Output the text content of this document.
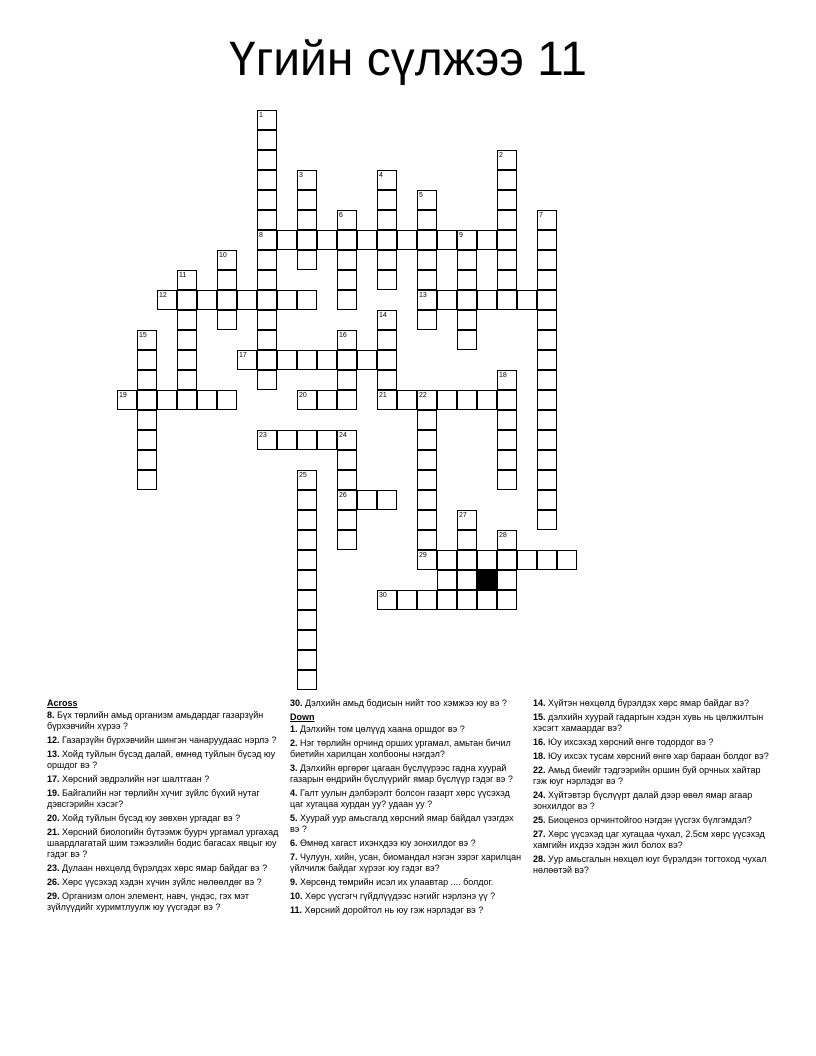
Үгийн сүлжээ 11
8	9
12	13
17
19	20	21	22
23	24
26
29
30
1
2
3	4
5
6	7
10
11
14
15	16
18
25
27
28
Across
8. Бүх төрлийн амьд организм амьдардаг газарзүйн бүрхэвчийн хүрээ ?
12. Газарзүйн бүрхэвчийн шингэн чанаруудаас нэрлэ ?
13. Хойд туйлын бүсэд далай, өмнөд туйлын бүсэд юу оршдог вэ ?
17. Хөрсний эвдрэлийн нэг шалтгаан ?
19. Байгалийн нэг төрлийн хүчиг зүйлс бүхий нутаг дэвсгэрийн хэсэг?
20. Хойд туйлын бүсэд юу зөвхөн ургадаг вэ ?
21. Хөрсний биологийн бүтээмж буурч ургамал ургахад шаардлагатай шим тэжээлийн бодис багасах явцыг юу гэдэг вэ ?
23. Дулаан нөхцөлд бүрэлдэх хөрс ямар байдаг вэ ?
26. Хөрс үүсэхэд хэдэн хүчин зүйлс нөлөөлдөг вэ ?
29. Организм олон элемент, навч, үндэс, гэх мэт зүйлүүдийг хуримтлуулж юу үүсгэдэг вэ ?
30. Дэлхийн амьд бодисын нийт тоо хэмжээ юу вэ ?
Down
1. Дэлхийн том цөлүүд хаана оршдог вэ ?
2. Нэг төрлийн орчинд орших ургамал, амьтан бичил биетийн харилцан холбооны нэгдэл?
3. Дэлхийн өргөрөг цагаан бүслүүрээс гадна хуурай газарын өндрийн бүслүүрийг ямар бүслүүр гэдэг вэ ?
4. Галт уулын дэлбэрэлт болсон газарт хөрс үүсэхэд цаг хугацаа хурдан уу? удаан уу ?
5. Хуурай уур амьсгалд хөрсний ямар байдал үзэгдэх вэ ?
6. Өмнөд хагаст ихэнхдээ юу зонхилдог вэ ?
7. Чулуун, хийн, усан, биомандал нэгэн зэрэг харилцан үйлчилж байдаг хүрээг юу гэдэг вэ?
9. Хөрсөнд төмрийн исэл их улаавтар .... болдог.
10. Хөрс үүсгэгч гүйдлүүдээс нэгийг нэрлэнэ үү ?
11. Хөрсний доройтол нь юу гэж нэрлэдэг вэ ?
14. Хүйтэн нөхцөлд бүрэлдэх хөрс ямар байдаг вэ?
15. дэлхийн хуурай гадаргын хэдэн хувь нь цөлжилтын хэсэгт хамаардаг вэ?
16. Юу ихсэхэд хөрсний өнгө тодордог вэ ?
18. Юу ихсэх тусам хөрсний өнгө хар бараан болдог вэ?
22. Амьд биеийг тэдгээрийн оршин буй орчных хайтар гэж юуг нэрлэдэг вэ ?
24. Хүйтэвтэр бүслүүрт далай дээр өвөл ямар агаар зонхилдог вэ ?
25. Биоценоз орчинтойгоо нэгдэн үүсгэх бүлгэмдэл?
27. Хөрс үүсэхэд цаг хугацаа чухал, 2.5см хөрс үүсэхэд хамгийн ихдээ хэдэн жил болох вэ?
28. Уур амьсгалын нөхцөл юуг бүрэлдэн тогтоход чухал нөлөөтэй вэ?
